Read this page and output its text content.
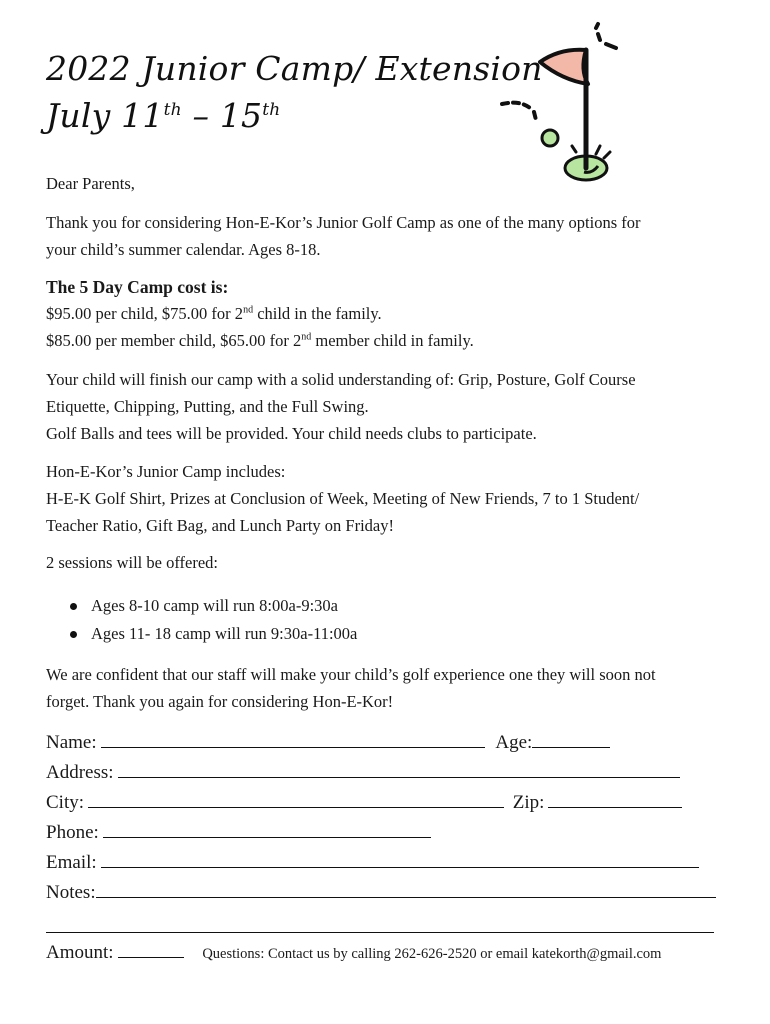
2022 Junior Camp/ Extension
July 11th – 15th

Dear Parents,

Thank you for considering Hon-E-Kor’s Junior Golf Camp as one of the many options for
your child’s summer calendar. Ages 8-18.

The 5 Day Camp cost is:

$95.00 per child, $75.00 for 2nd child in the family.
$85.00 per member child, $65.00 for 2nd member child in family.

Your child will finish our camp with a solid understanding of: Grip, Posture, Golf Course
Etiquette, Chipping, Putting, and the Full Swing.
Golf Balls and tees will be provided. Your child needs clubs to participate.

Hon-E-Kor’s Junior Camp includes:
H-E-K Golf Shirt, Prizes at Conclusion of Week, Meeting of New Friends, 7 to 1 Student/
Teacher Ratio, Gift Bag, and Lunch Party on Friday!

2 sessions will be offered:

Ages 8-10 camp will run 8:00a-9:30a
Ages 11- 18 camp will run 9:30a-11:00a

We are confident that our staff will make your child’s golf experience one they will soon not
forget. Thank you again for considering Hon-E-Kor!

Name:	Age:
Address:
City:	Zip:
Phone:
Email:
Notes:
Amount:	Questions: Contact us by calling 262-626-2520 or email katekorth@gmail.com
